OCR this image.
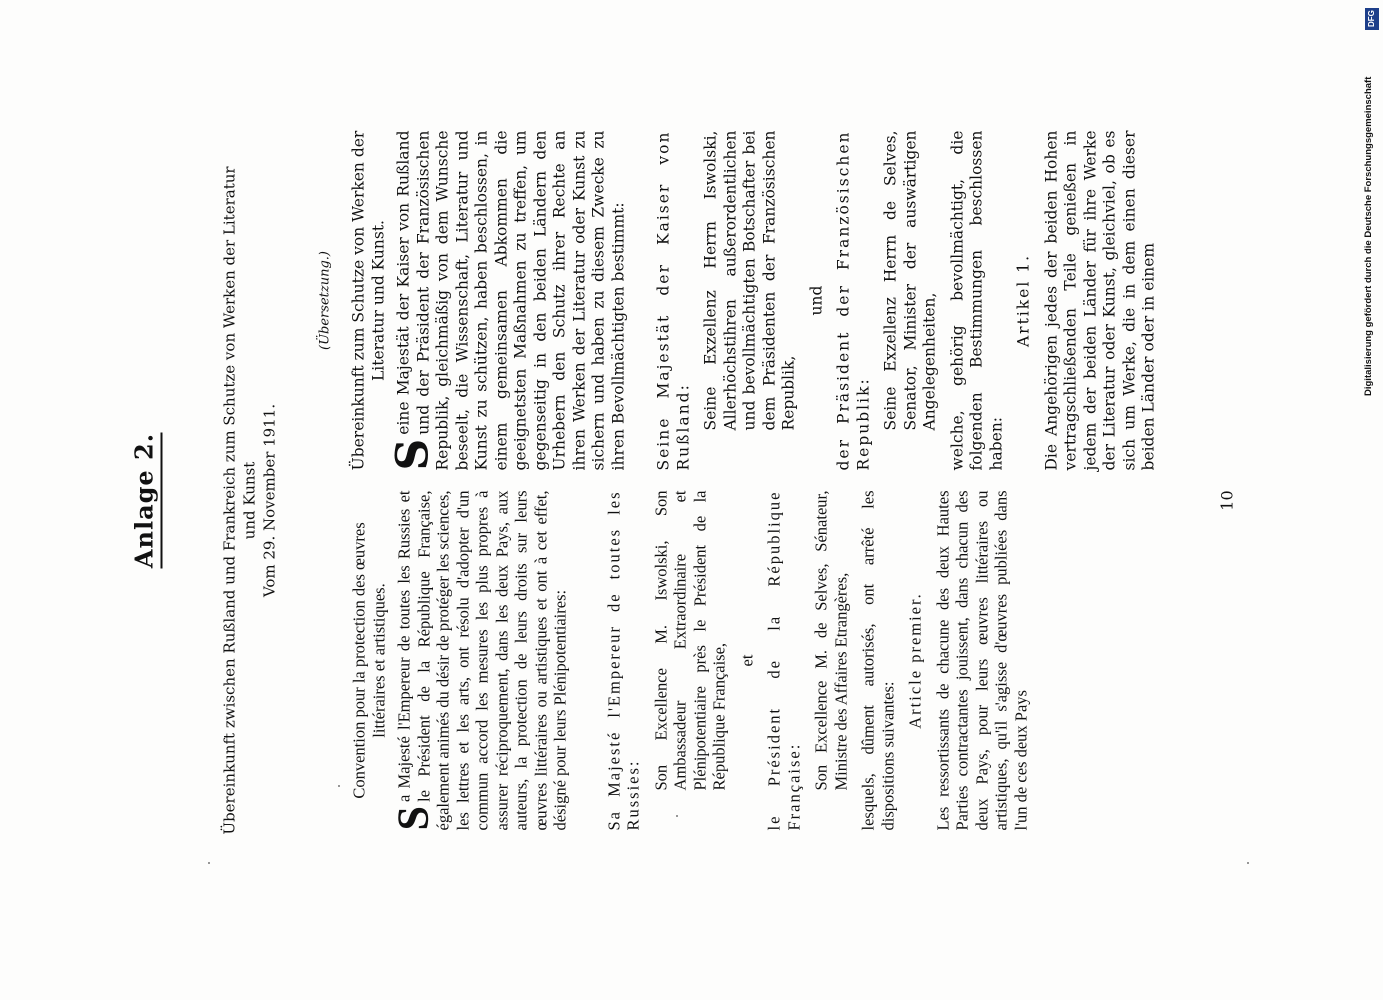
Anlage 2.	Übereinkunft zwischen Rußland und Frankreich zum Schutze von Werken der Literatur und Kunst Vom 29. November 1911.
(Übersetzung.)

Convention pour la protection des œuvres littéraires et artistiques.

S
a Majesté l'Empereur de toutes les Russies et le Président de la République Française, également animés du désir de protéger les sciences, les lettres et les arts, ont résolu d'adopter d'un commun accord les mesures les plus propres à assurer réciproquement, dans les deux Pays, aux auteurs, la protection de leurs droits sur leurs œuvres littéraires ou artistiques et ont à cet effet, désigné pour leurs Plénipotentiaires: Sa Majesté l'Empereur de toutes les Russies:

Son Excellence M. Iswolski, Son Ambassadeur Extraordinaire et Plénipotentiaire près le Président de la République Française, et le Président de la République Française: Son Excellence M. de Selves, Sénateur, Ministre des Affaires Etrangères, lesquels, dûment autorisés, ont arrêté les dispositions suivantes:

Article premier. Les ressortissants de chacune des deux Hautes Parties contractantes jouissent, dans chacun des deux Pays, pour leurs œuvres littéraires ou artistiques, qu'il s'agisse d'œuvres publiées dans l'un de ces deux Pays

Übereinkunft zum Schutze von Werken der Literatur und Kunst.

S
eine Majestät der Kaiser von Rußland und der Präsident der Französischen Republik, gleichmäßig von dem Wunsche beseelt, die Wissenschaft, Literatur und Kunst zu schützen, haben beschlossen, in einem gemeinsamen Abkommen die geeignetsten Maßnahmen zu treffen, um gegenseitig in den beiden Ländern den Urhebern den Schutz ihrer Rechte an ihren Werken der Literatur oder Kunst zu sichern und haben zu diesem Zwecke zu ihren Bevollmächtigten bestimmt: Seine Majestät der Kaiser von Rußland: Seine Exzellenz Herrn Iswolski, Allerhöchstihren außerordentlichen und bevollmächtigten Botschafter bei dem Präsidenten der Französischen Republik,

und der Präsident der Französischen Republik: Seine Exzellenz Herrn de Selves, Senator, Minister der auswärtigen Angelegenheiten, welche, gehörig bevollmächtigt, die folgenden Bestimmungen beschlossen haben:

Artikel 1. Die Angehörigen jedes der beiden Hohen vertragschließenden Teile genießen in jedem der beiden Länder für ihre Werke der Literatur oder Kunst, gleichviel, ob es sich um Werke, die in dem einen dieser beiden Länder oder in einem

10
DFG
Digitalisierung gefördert durch die Deutsche Forschungsgemeinschaft
